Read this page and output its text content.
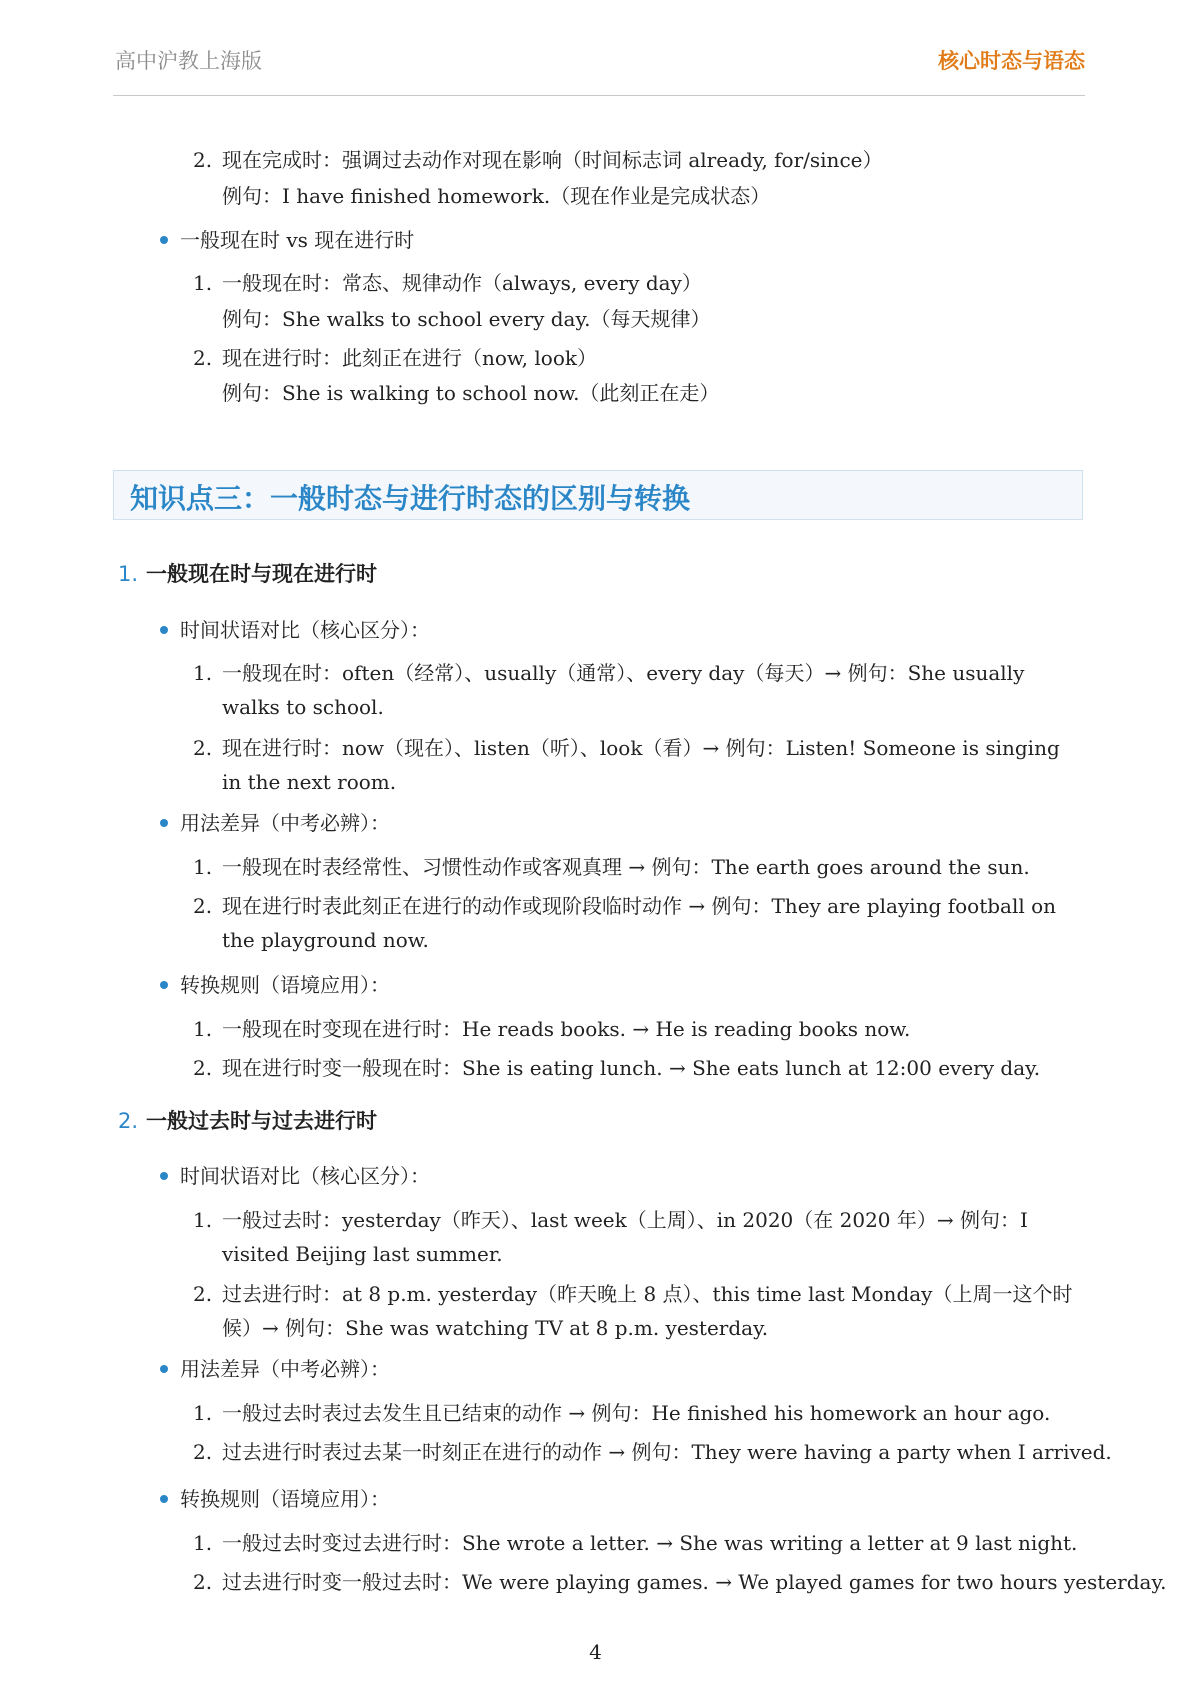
高中沪教上海版	核心时态与语态
2. 现在完成时：强调过去动作对现在影响（时间标志词 already, for/since）
例句：I have finished homework.（现在作业是完成状态）
一般现在时 vs 现在进行时
1. 一般现在时：常态、规律动作（always, every day）
例句：She walks to school every day.（每天规律）
2. 现在进行时：此刻正在进行（now, look）
例句：She is walking to school now.（此刻正在走）
知识点三：一般时态与进行时态的区别与转换
1. 一般现在时与现在进行时
时间状语对比（核心区分）：
1. 一般现在时：often（经常）、usually（通常）、every day（每天）→ 例句：She usually walks to school.
2. 现在进行时：now（现在）、listen（听）、look（看）→ 例句：Listen! Someone is singing in the next room.
用法差异（中考必辨）：
1. 一般现在时表经常性、习惯性动作或客观真理 → 例句：The earth goes around the sun.
2. 现在进行时表此刻正在进行的动作或现阶段临时动作 → 例句：They are playing football on the playground now.
转换规则（语境应用）：
1. 一般现在时变现在进行时：He reads books. → He is reading books now.
2. 现在进行时变一般现在时：She is eating lunch. → She eats lunch at 12:00 every day.
2. 一般过去时与过去进行时
时间状语对比（核心区分）：
1. 一般过去时：yesterday（昨天）、last week（上周）、in 2020（在 2020 年）→ 例句：I visited Beijing last summer.
2. 过去进行时：at 8 p.m. yesterday（昨天晚上 8 点）、this time last Monday（上周一这个时候）→ 例句：She was watching TV at 8 p.m. yesterday.
用法差异（中考必辨）：
1. 一般过去时表过去发生且已结束的动作 → 例句：He finished his homework an hour ago.
2. 过去进行时表过去某一时刻正在进行的动作 → 例句：They were having a party when I arrived.
转换规则（语境应用）：
1. 一般过去时变过去进行时：She wrote a letter. → She was writing a letter at 9 last night.
2. 过去进行时变一般过去时：We were playing games. → We played games for two hours yesterday.
4
